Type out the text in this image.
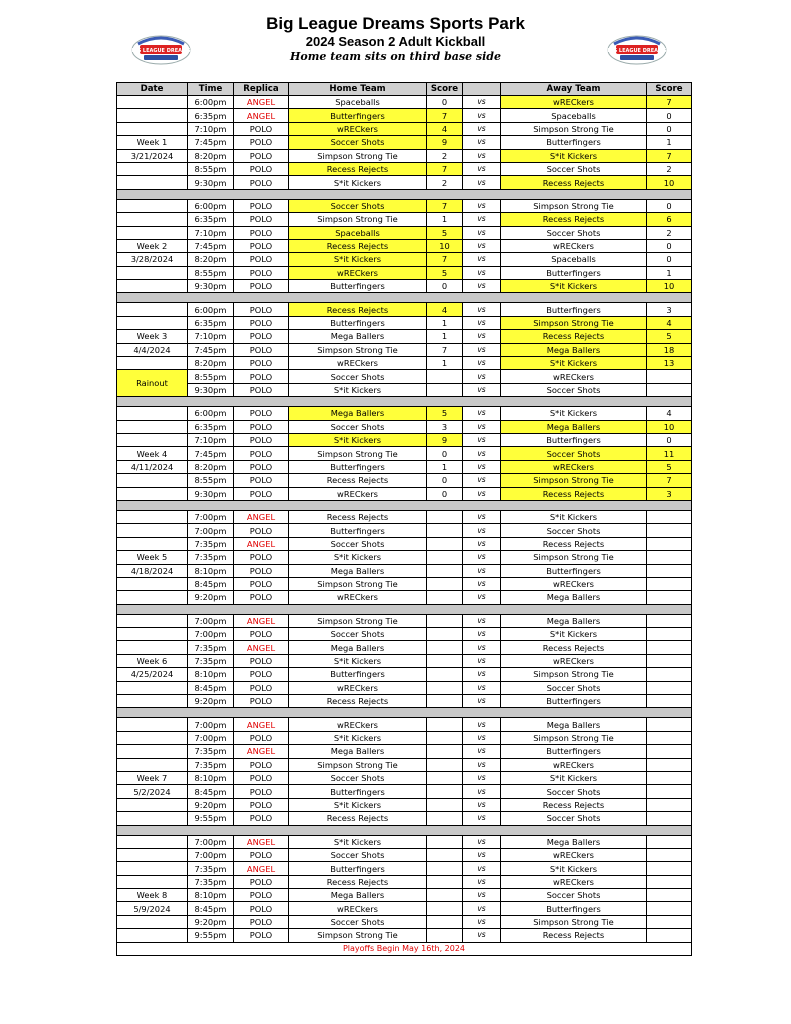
Big League Dreams Sports Park
2024 Season 2 Adult Kickball
Home team sits on third base side
BIG LEAGUE DREAMS	BIG LEAGUE DREAMS
Date	Time	Replica	Home Team	Score		Away Team	Score
	6:00pm	ANGEL	Spaceballs	0	vs	wRECkers	7
	6:35pm	ANGEL	Butterfingers	7	vs	Spaceballs	0
	7:10pm	POLO	wRECkers	4	vs	Simpson Strong Tie	0
Week 1	7:45pm	POLO	Soccer Shots	9	vs	Butterfingers	1
3/21/2024	8:20pm	POLO	Simpson Strong Tie	2	vs	S*it Kickers	7
	8:55pm	POLO	Recess Rejects	7	vs	Soccer Shots	2
	9:30pm	POLO	S*it Kickers	2	vs	Recess Rejects	10

	6:00pm	POLO	Soccer Shots	7	vs	Simpson Strong Tie	0
	6:35pm	POLO	Simpson Strong Tie	1	vs	Recess Rejects	6
	7:10pm	POLO	Spaceballs	5	vs	Soccer Shots	2
Week 2	7:45pm	POLO	Recess Rejects	10	vs	wRECkers	0
3/28/2024	8:20pm	POLO	S*it Kickers	7	vs	Spaceballs	0
	8:55pm	POLO	wRECkers	5	vs	Butterfingers	1
	9:30pm	POLO	Butterfingers	0	vs	S*it Kickers	10

	6:00pm	POLO	Recess Rejects	4	vs	Butterfingers	3
	6:35pm	POLO	Butterfingers	1	vs	Simpson Strong Tie	4
Week 3	7:10pm	POLO	Mega Ballers	1	vs	Recess Rejects	5
4/4/2024	7:45pm	POLO	Simpson Strong Tie	7	vs	Mega Ballers	18
	8:20pm	POLO	wRECkers	1	vs	S*it Kickers	13
Rainout	8:55pm	POLO	Soccer Shots		vs	wRECkers	
	9:30pm	POLO	S*it Kickers		vs	Soccer Shots	

	6:00pm	POLO	Mega Ballers	5	vs	S*it Kickers	4
	6:35pm	POLO	Soccer Shots	3	vs	Mega Ballers	10
	7:10pm	POLO	S*it Kickers	9	vs	Butterfingers	0
Week 4	7:45pm	POLO	Simpson Strong Tie	0	vs	Soccer Shots	11
4/11/2024	8:20pm	POLO	Butterfingers	1	vs	wRECkers	5
	8:55pm	POLO	Recess Rejects	0	vs	Simpson Strong Tie	7
	9:30pm	POLO	wRECkers	0	vs	Recess Rejects	3

	7:00pm	ANGEL	Recess Rejects		vs	S*it Kickers	
	7:00pm	POLO	Butterfingers		vs	Soccer Shots	
	7:35pm	ANGEL	Soccer Shots		vs	Recess Rejects	
Week 5	7:35pm	POLO	S*it Kickers		vs	Simpson Strong Tie	
4/18/2024	8:10pm	POLO	Mega Ballers		vs	Butterfingers	
	8:45pm	POLO	Simpson Strong Tie		vs	wRECkers	
	9:20pm	POLO	wRECkers		vs	Mega Ballers	

	7:00pm	ANGEL	Simpson Strong Tie		vs	Mega Ballers	
	7:00pm	POLO	Soccer Shots		vs	S*it Kickers	
	7:35pm	ANGEL	Mega Ballers		vs	Recess Rejects	
Week 6	7:35pm	POLO	S*it Kickers		vs	wRECkers	
4/25/2024	8:10pm	POLO	Butterfingers		vs	Simpson Strong Tie	
	8:45pm	POLO	wRECkers		vs	Soccer Shots	
	9:20pm	POLO	Recess Rejects		vs	Butterfingers	

	7:00pm	ANGEL	wRECkers		vs	Mega Ballers	
	7:00pm	POLO	S*it Kickers		vs	Simpson Strong Tie	
	7:35pm	ANGEL	Mega Ballers		vs	Butterfingers	
	7:35pm	POLO	Simpson Strong Tie		vs	wRECkers	
Week 7	8:10pm	POLO	Soccer Shots		vs	S*it Kickers	
5/2/2024	8:45pm	POLO	Butterfingers		vs	Soccer Shots	
	9:20pm	POLO	S*it Kickers		vs	Recess Rejects	
	9:55pm	POLO	Recess Rejects		vs	Soccer Shots	

	7:00pm	ANGEL	S*it Kickers		vs	Mega Ballers	
	7:00pm	POLO	Soccer Shots		vs	wRECkers	
	7:35pm	ANGEL	Butterfingers		vs	S*it Kickers	
	7:35pm	POLO	Recess Rejects		vs	wRECkers	
Week 8	8:10pm	POLO	Mega Ballers		vs	Soccer Shots	
5/9/2024	8:45pm	POLO	wRECkers		vs	Butterfingers	
	9:20pm	POLO	Soccer Shots		vs	Simpson Strong Tie	
	9:55pm	POLO	Simpson Strong Tie		vs	Recess Rejects	
Playoffs Begin May 16th, 2024							
